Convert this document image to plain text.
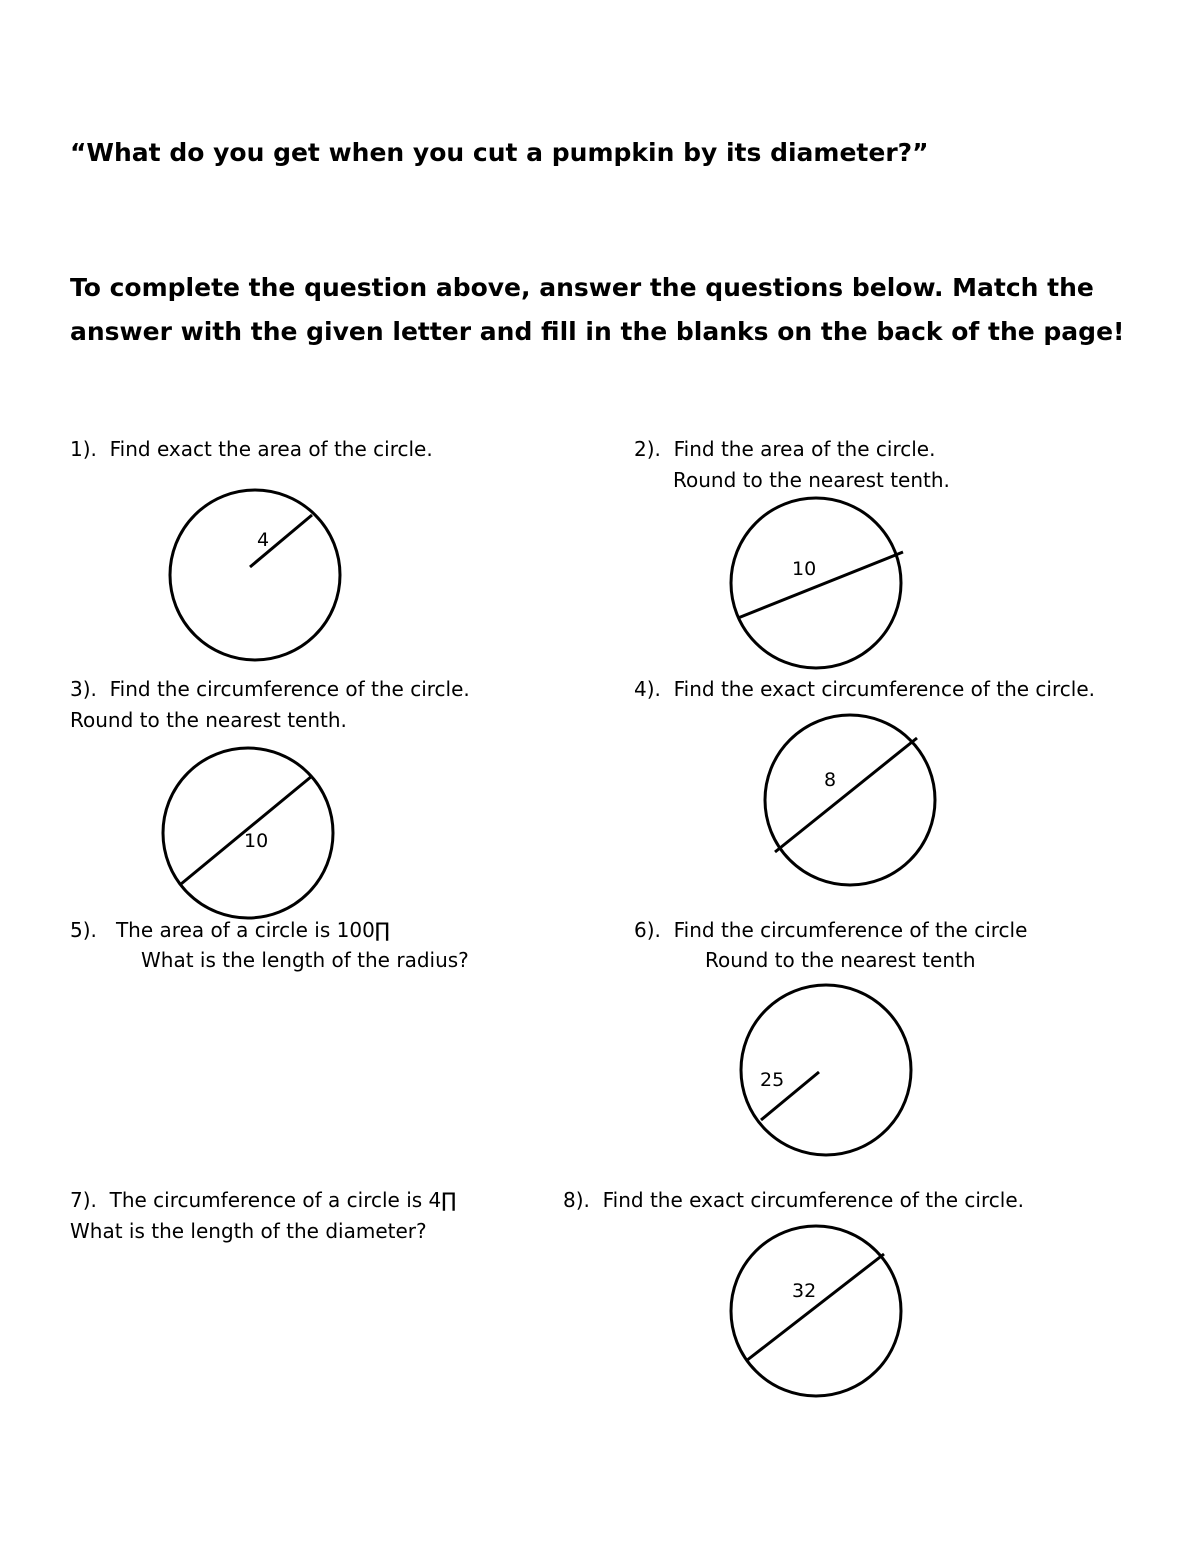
“What do you get when you cut a pumpkin by its diameter?”

To complete the question above, answer the questions below. Match the answer with the given letter and fill in the blanks on the back of the page!

1). Find exact the area of the circle.

4

2). Find the area of the circle.

Round to the nearest tenth.

10

3). Find the circumference of the circle.

Round to the nearest tenth.

10

4). Find the exact circumference of the circle.

8

5). The area of a circle is 100∏

What is the length of the radius?

6). Find the circumference of the circle

Round to the nearest tenth

25

7). The circumference of a circle is 4∏

What is the length of the diameter?

8). Find the exact circumference of the circle.

32
